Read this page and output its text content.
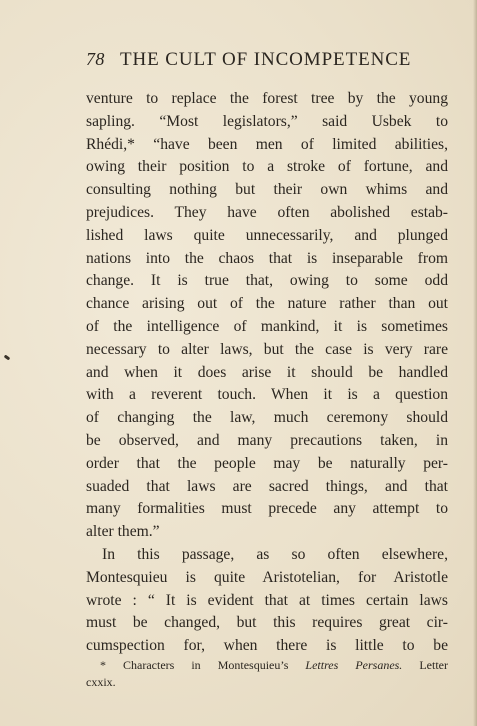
78 THE CULT OF INCOMPETENCE
venture to replace the forest tree by the young
sapling. “Most legislators,” said Usbek to
Rhédi,* “have been men of limited abilities,
owing their position to a stroke of fortune, and
consulting nothing but their own whims and
prejudices. They have often abolished estab-
lished laws quite unnecessarily, and plunged
nations into the chaos that is inseparable from
change. It is true that, owing to some odd
chance arising out of the nature rather than out
of the intelligence of mankind, it is sometimes
necessary to alter laws, but the case is very rare
and when it does arise it should be handled
with a reverent touch. When it is a question
of changing the law, much ceremony should
be observed, and many precautions taken, in
order that the people may be naturally per-
suaded that laws are sacred things, and that
many formalities must precede any attempt to
alter them.”
In this passage, as so often elsewhere,
Montesquieu is quite Aristotelian, for Aristotle
wrote : “ It is evident that at times certain laws
must be changed, but this requires great cir-
cumspection for, when there is little to be
* Characters in Montesquieu’s Lettres Persanes. Letter
cxxix.
